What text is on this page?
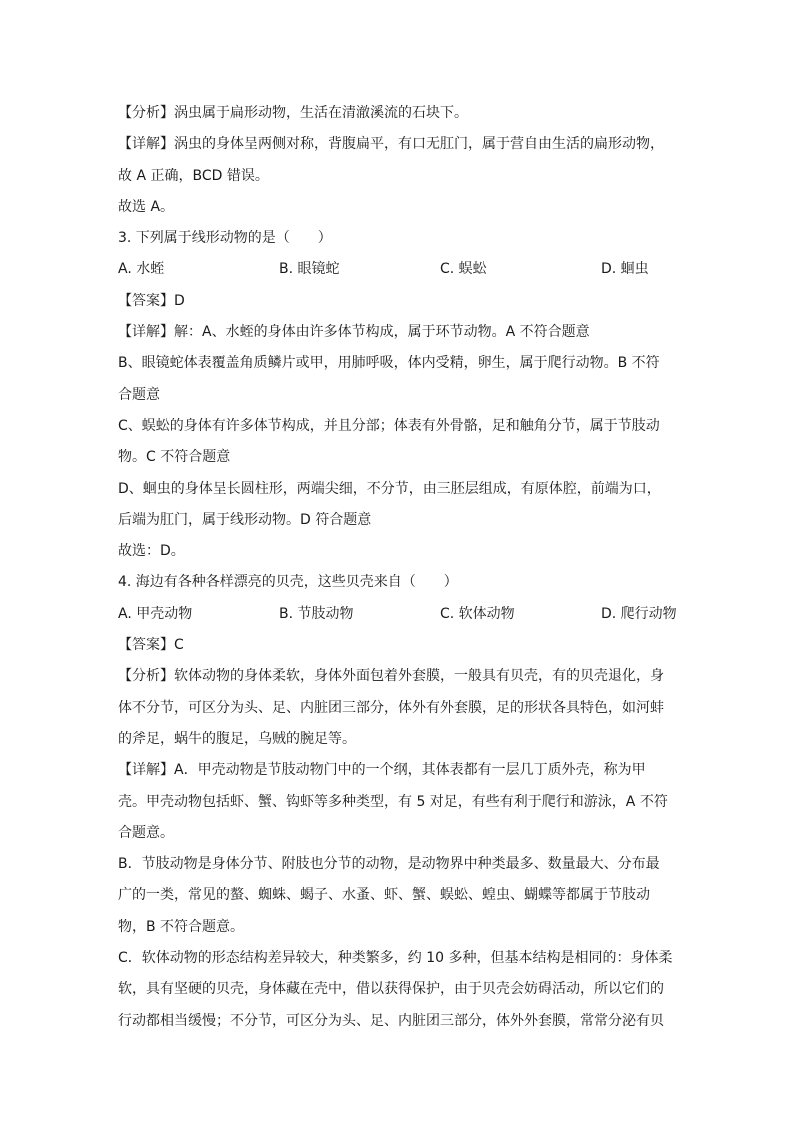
【分析】涡虫属于扁形动物，生活在清澈溪流的石块下。
【详解】涡虫的身体呈两侧对称，背腹扁平，有口无肛门，属于营自由生活的扁形动物，
故 A 正确，BCD 错误。
故选 A。
3. 下列属于线形动物的是（　　）
A. 水蛭	B. 眼镜蛇	C. 蜈蚣	D. 蛔虫
【答案】D
【详解】解：A、水蛭的身体由许多体节构成，属于环节动物。A 不符合题意
B、眼镜蛇体表覆盖角质鳞片或甲，用肺呼吸，体内受精，卵生，属于爬行动物。B 不符
合题意
C、蜈蚣的身体有许多体节构成，并且分部；体表有外骨骼，足和触角分节，属于节肢动
物。C 不符合题意
D、蛔虫的身体呈长圆柱形，两端尖细，不分节，由三胚层组成，有原体腔，前端为口，
后端为肛门，属于线形动物。D 符合题意
故选：D。
4. 海边有各种各样漂亮的贝壳，这些贝壳来自（　　）
A. 甲壳动物	B. 节肢动物	C. 软体动物	D. 爬行动物
【答案】C
【分析】软体动物的身体柔软，身体外面包着外套膜，一般具有贝壳，有的贝壳退化，身
体不分节，可区分为头、足、内脏团三部分，体外有外套膜，足的形状各具特色，如河蚌
的斧足，蜗牛的腹足，乌贼的腕足等。
【详解】A．甲壳动物是节肢动物门中的一个纲，其体表都有一层几丁质外壳，称为甲
壳。甲壳动物包括虾、蟹、钩虾等多种类型，有 5 对足，有些有利于爬行和游泳，A 不符
合题意。
B．节肢动物是身体分节、附肢也分节的动物，是动物界中种类最多、数量最大、分布最
广的一类，常见的螯、蜘蛛、蝎子、水蚤、虾、蟹、蜈蚣、蝗虫、蝴蝶等都属于节肢动
物，B 不符合题意。
C．软体动物的形态结构差异较大，种类繁多，约 10 多种，但基本结构是相同的：身体柔
软，具有坚硬的贝壳，身体藏在壳中，借以获得保护，由于贝壳会妨碍活动，所以它们的
行动都相当缓慢；不分节，可区分为头、足、内脏团三部分，体外外套膜，常常分泌有贝
